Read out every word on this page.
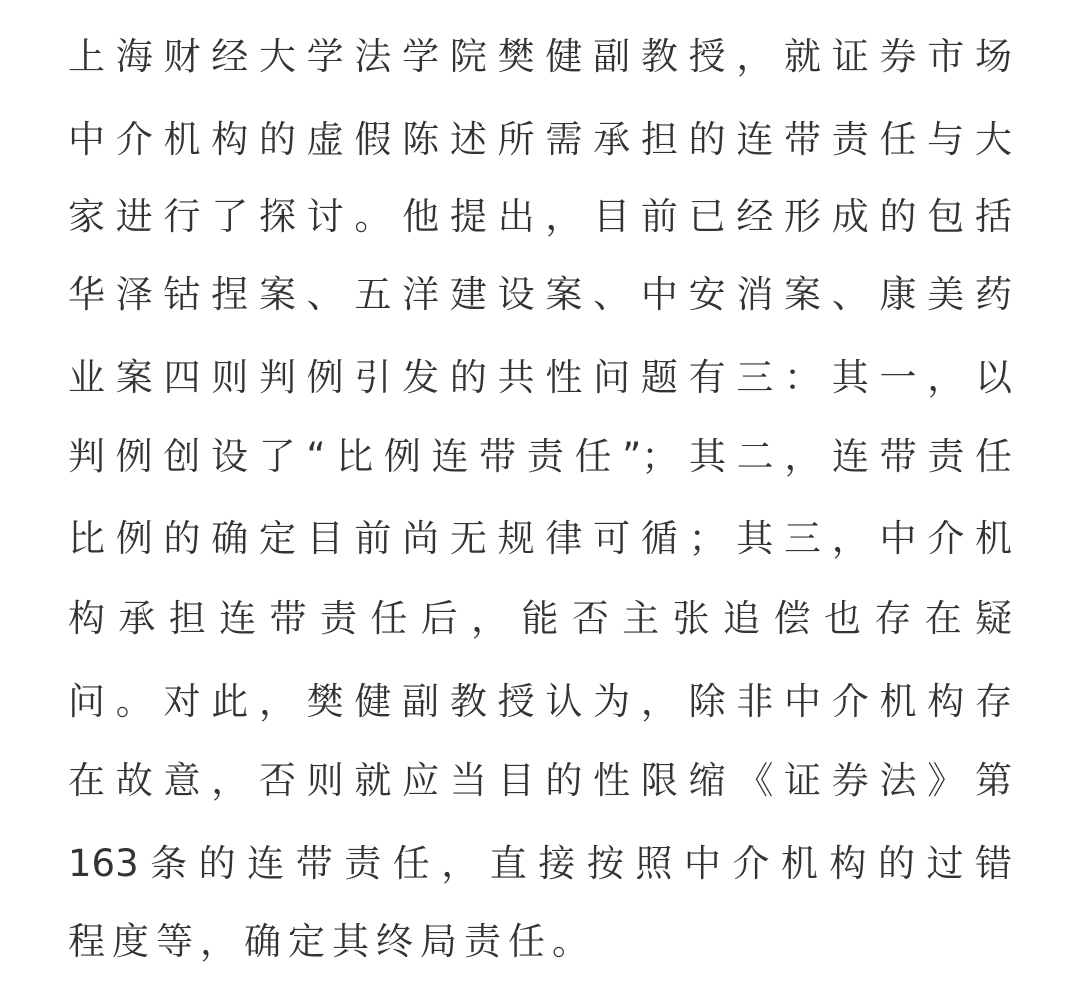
上海财经大学法学院樊健副教授，就证券市场
中介机构的虚假陈述所需承担的连带责任与大
家进行了探讨。他提出，目前已经形成的包括
华泽钴捏案、五洋建设案、中安消案、康美药
业案四则判例引发的共性问题有三：其一，以
判例创设了“比例连带责任”；其二，连带责任
比例的确定目前尚无规律可循；其三，中介机
构承担连带责任后，能否主张追偿也存在疑
问。对此，樊健副教授认为，除非中介机构存
在故意，否则就应当目的性限缩《证券法》第
163条的连带责任，直接按照中介机构的过错
程度等，确定其终局责任。
